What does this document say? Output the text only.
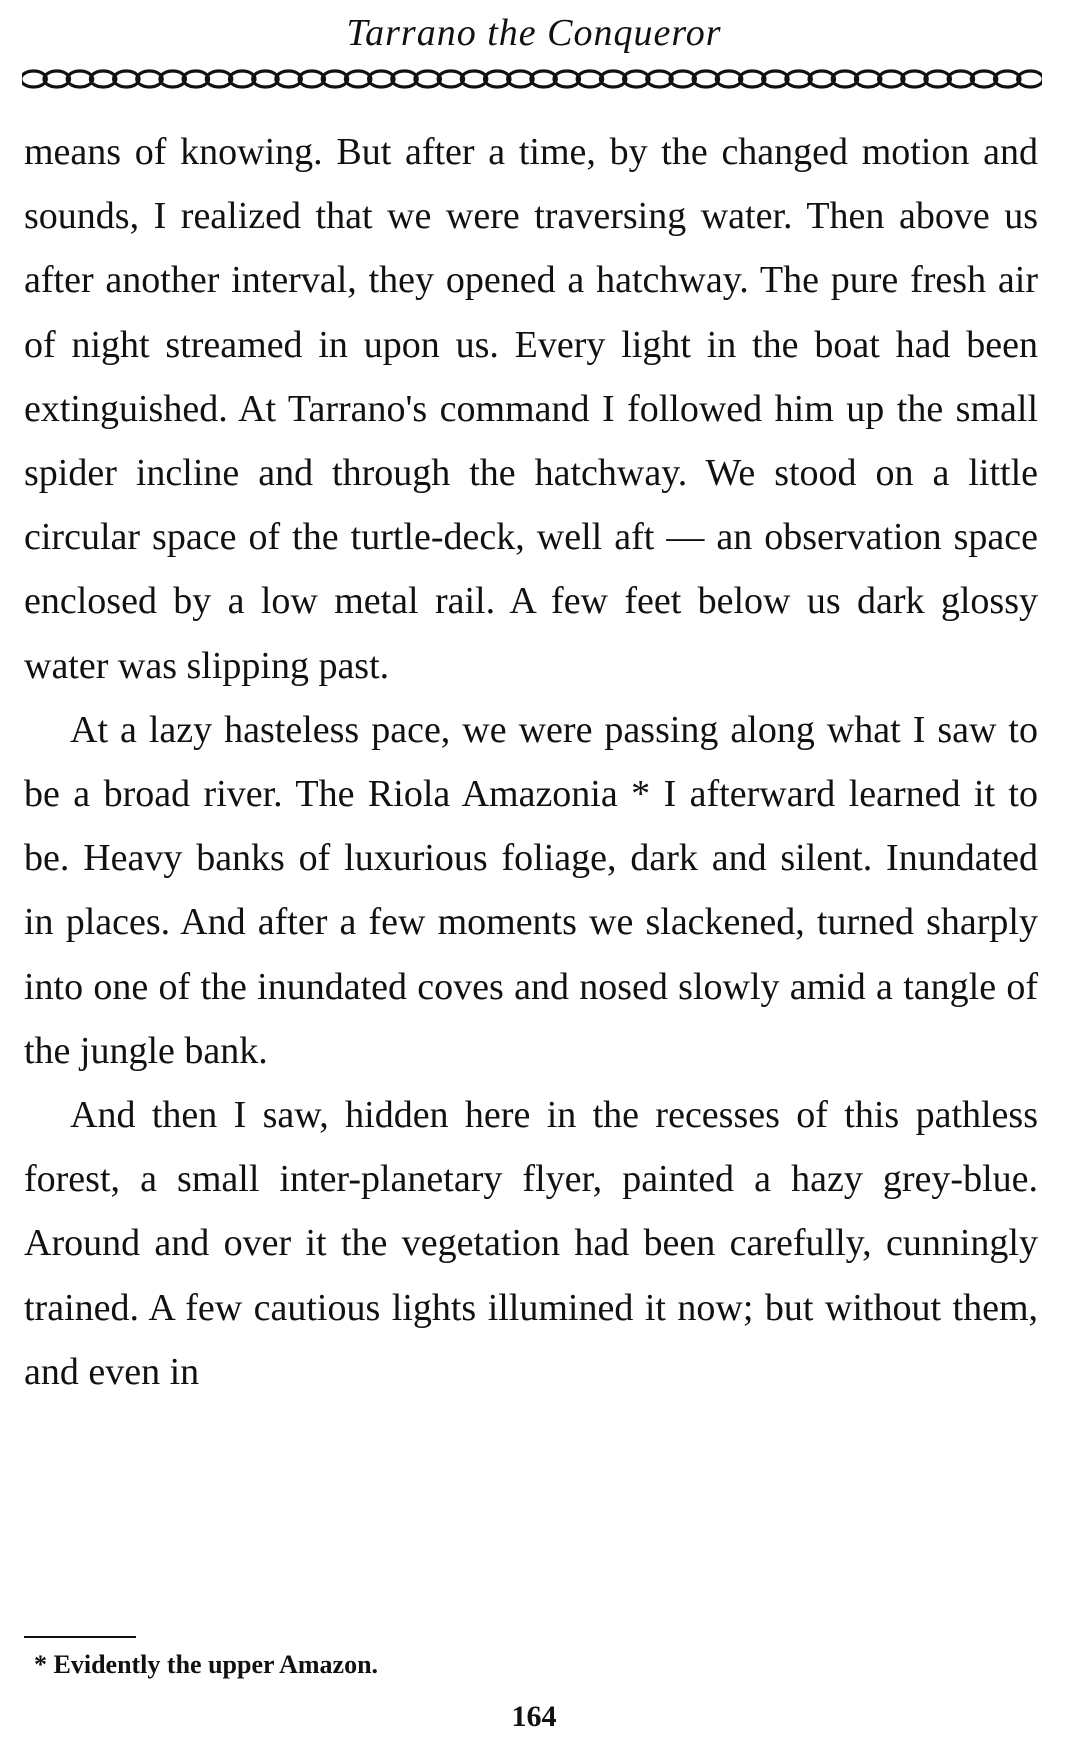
Tarrano the Conqueror

means of knowing. But after a time, by the changed motion and sounds, I realized that we were traversing water. Then above us after another interval, they opened a hatchway. The pure fresh air of night streamed in upon us. Every light in the boat had been extinguished. At Tarrano's command I followed him up the small spider incline and through the hatchway. We stood on a little circular space of the turtle-deck, well aft — an observation space enclosed by a low metal rail. A few feet below us dark glossy water was slipping past.

At a lazy hasteless pace, we were passing along what I saw to be a broad river. The Riola Amazonia * I afterward learned it to be. Heavy banks of luxurious foliage, dark and silent. Inundated in places. And after a few moments we slackened, turned sharply into one of the inundated coves and nosed slowly amid a tangle of the jungle bank.

And then I saw, hidden here in the recesses of this pathless forest, a small inter-planetary flyer, painted a hazy grey-blue. Around and over it the vegetation had been carefully, cunningly trained. A few cautious lights illumined it now; but without them, and even in

* Evidently the upper Amazon.
164
